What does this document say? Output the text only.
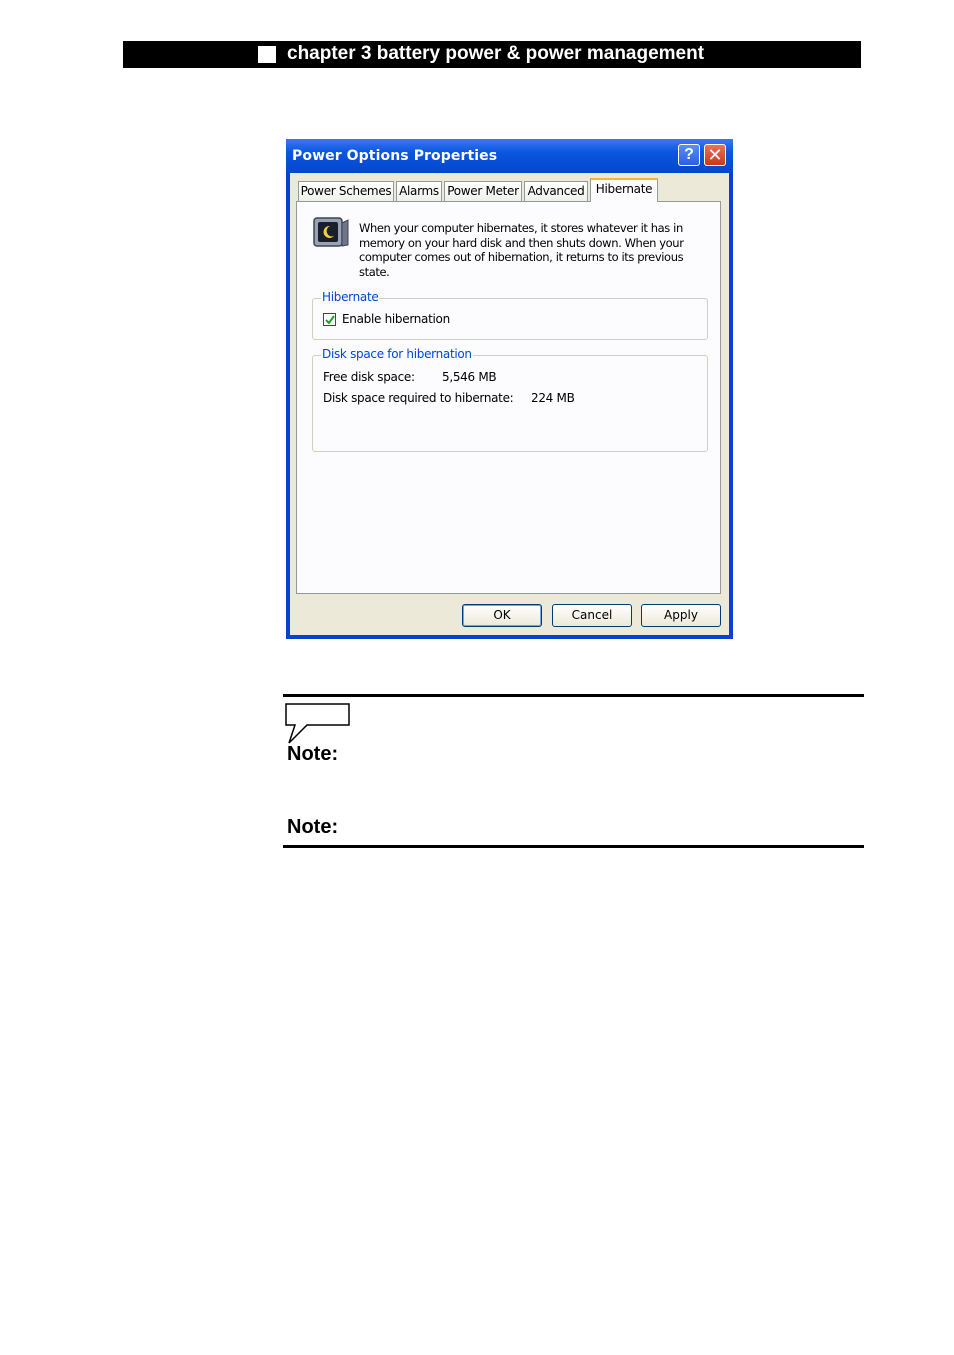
chapter 3 battery power & power management
Power Options Properties	? ✕
Power Schemes Alarms Power Meter Advanced Hibernate
When your computer hibernates, it stores whatever it has in
memory on your hard disk and then shuts down. When your
computer comes out of hibernation, it returns to its previous state.
Hibernate
Enable hibernation
Disk space for hibernation
Free disk space: 5,546 MB
Disk space required to hibernate: 224 MB
OK	Cancel	Apply
Note:
Note:
